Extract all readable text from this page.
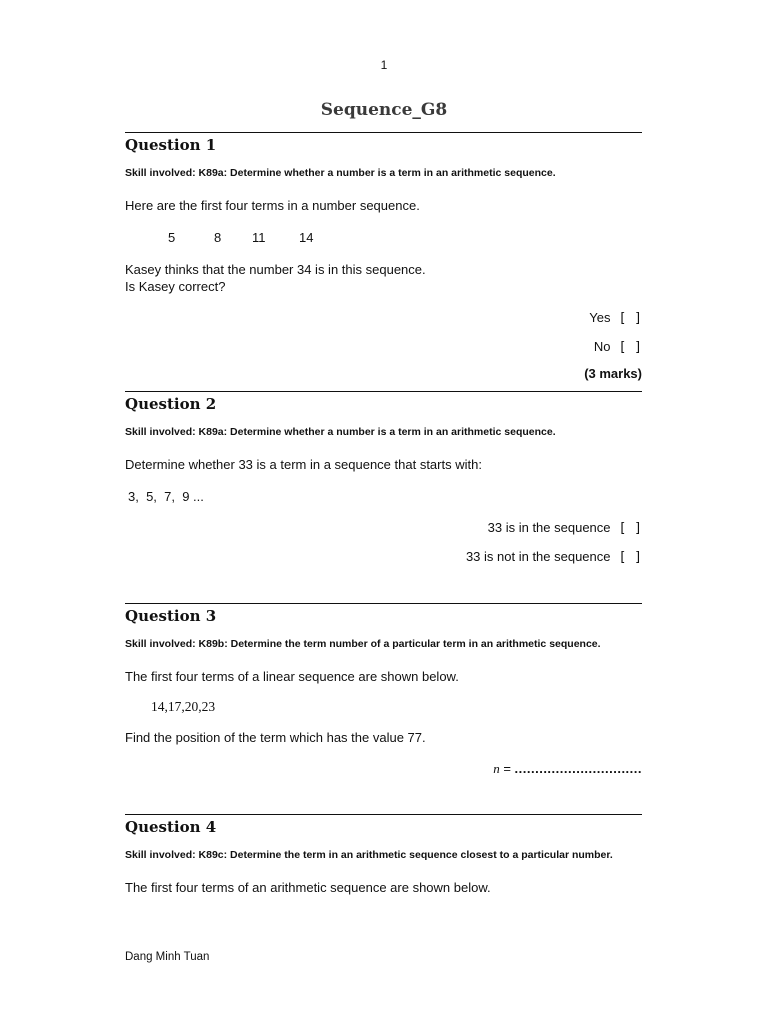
1
Sequence_G8
Question 1
Skill involved: K89a: Determine whether a number is a term in an arithmetic sequence.
Here are the first four terms in a number sequence.
5	8 11	14
Kasey thinks that the number 34 is in this sequence.
Is Kasey correct?
Yes [ ]
No [ ]
(3 marks)
Question 2
Skill involved: K89a: Determine whether a number is a term in an arithmetic sequence.
Determine whether 33 is a term in a sequence that starts with:
3,  5,  7,  9 ...
33 is in the sequence [ ]
33 is not in the sequence [ ]
Question 3
Skill involved: K89b: Determine the term number of a particular term in an arithmetic sequence.
The first four terms of a linear sequence are shown below.
14,17,20,23
Find the position of the term which has the value 77.
n = ...............................
Question 4
Skill involved: K89c: Determine the term in an arithmetic sequence closest to a particular number.
The first four terms of an arithmetic sequence are shown below.
Dang Minh Tuan
